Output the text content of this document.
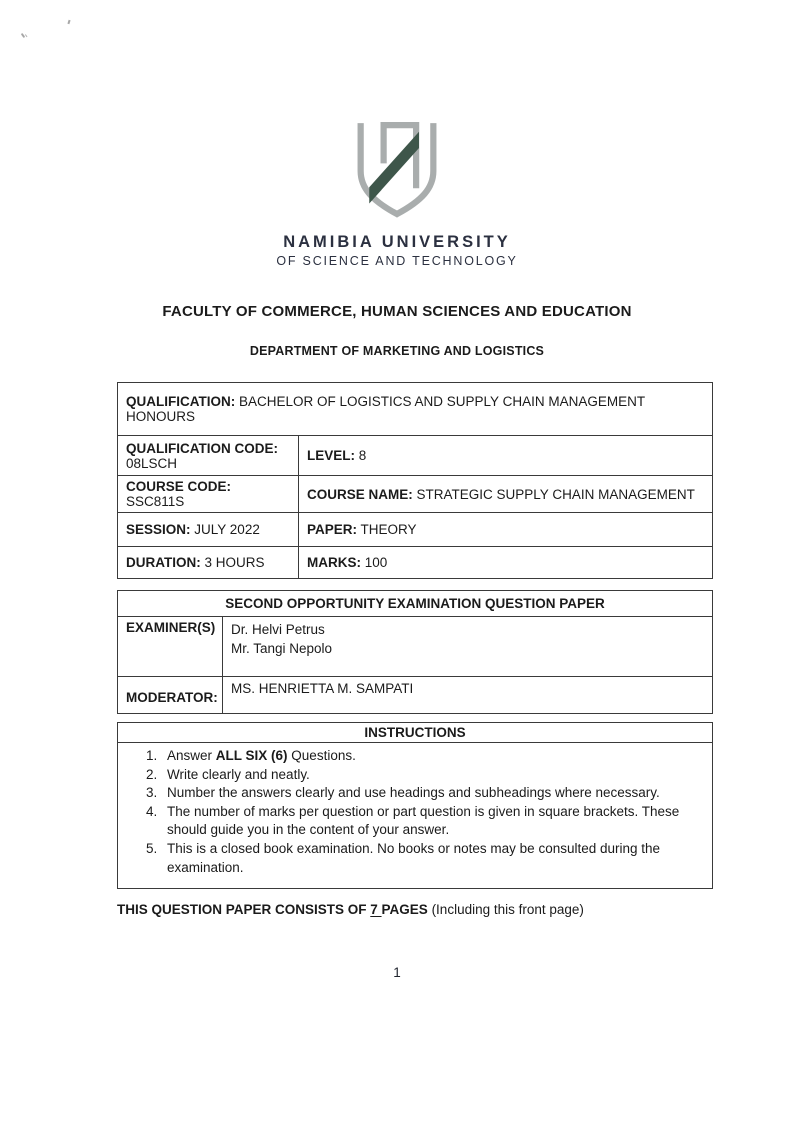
NAMIBIA UNIVERSITY
OF SCIENCE AND TECHNOLOGY
FACULTY OF COMMERCE, HUMAN SCIENCES AND EDUCATION
DEPARTMENT OF MARKETING AND LOGISTICS
QUALIFICATION: BACHELOR OF LOGISTICS AND SUPPLY CHAIN MANAGEMENT HONOURS	
QUALIFICATION CODE: 08LSCH	LEVEL: 8
COURSE CODE: SSC811S	COURSE NAME: STRATEGIC SUPPLY CHAIN MANAGEMENT
SESSION: JULY 2022	PAPER: THEORY
DURATION: 3 HOURS	MARKS: 100
SECOND OPPORTUNITY EXAMINATION QUESTION PAPER	
EXAMINER(S)	Dr. Helvi Petrus
Mr. Tangi Nepolo

MODERATOR:	MS. HENRIETTA M. SAMPATI
INSTRUCTIONS
1. Answer ALL SIX (6) Questions.
2. Write clearly and neatly.
3. Number the answers clearly and use headings and subheadings where necessary.
4. The number of marks per question or part question is given in square brackets. These should guide you in the content of your answer.
5. This is a closed book examination. No books or notes may be consulted during the examination.
THIS QUESTION PAPER CONSISTS OF 7 PAGES (Including this front page)
1
